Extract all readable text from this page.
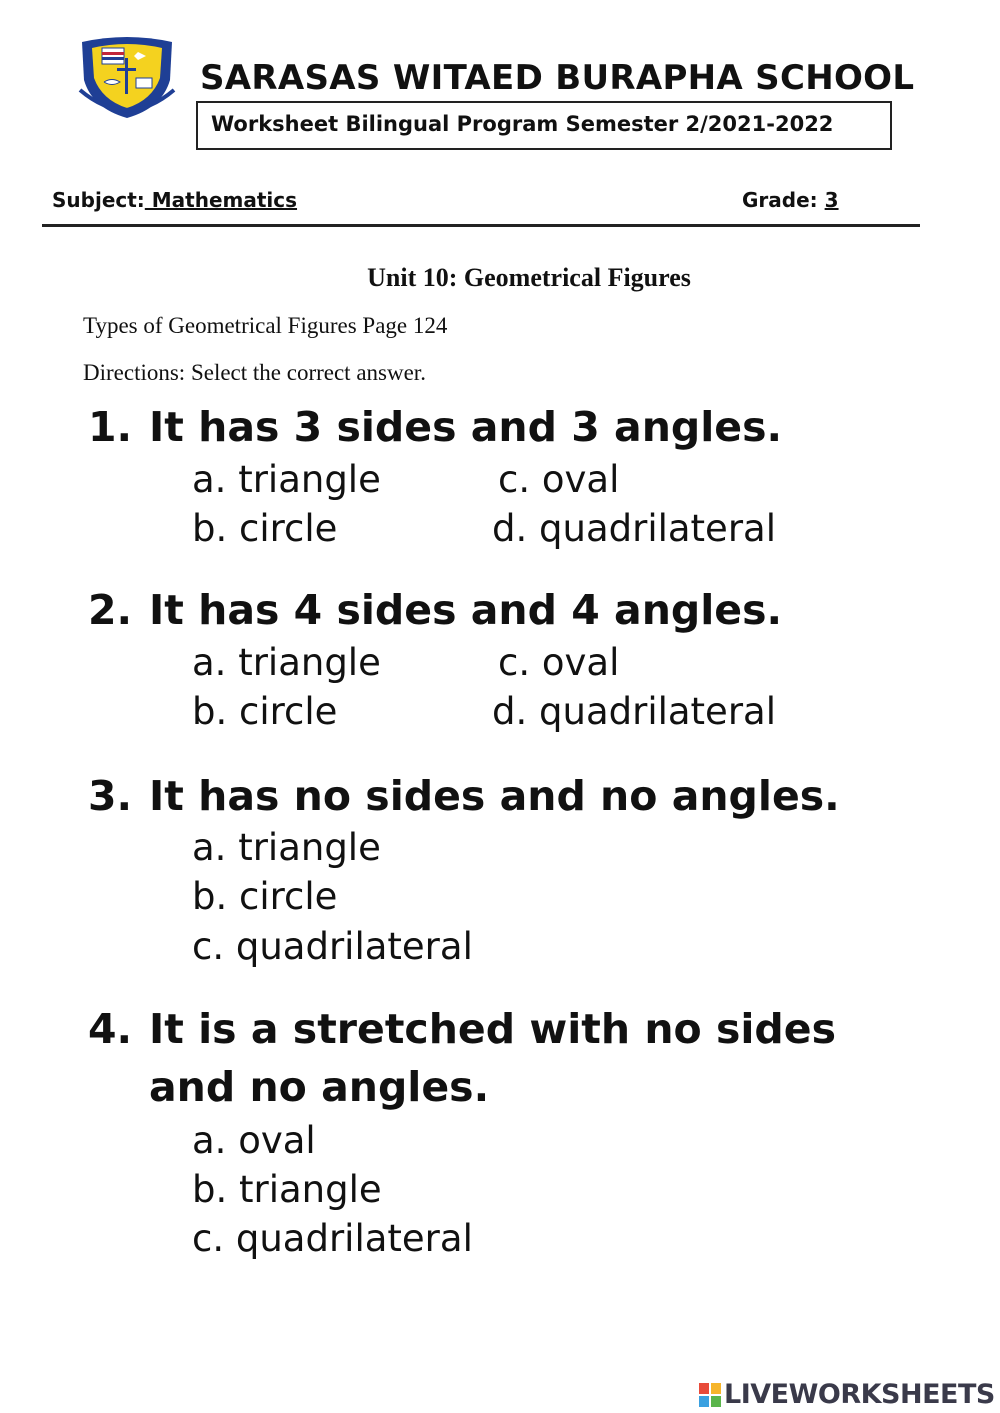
SARASAS WITAED BURAPHA SCHOOL
Worksheet Bilingual Program Semester 2/2021-2022
Subject: Mathematics	Grade: 3
Unit 10: Geometrical Figures
Types of Geometrical Figures Page 124
Directions: Select the correct answer.
1. It has 3 sides and 3 angles.
a. triangle	c. oval
b. circle	d. quadrilateral
2. It has 4 sides and 4 angles.
a. triangle	c. oval
b. circle	d. quadrilateral
3. It has no sides and no angles.
a. triangle
b. circle
c. quadrilateral
4. It is a stretched with no sides and no angles.
a. oval
b. triangle
c. quadrilateral
LIVEWORKSHEETS
